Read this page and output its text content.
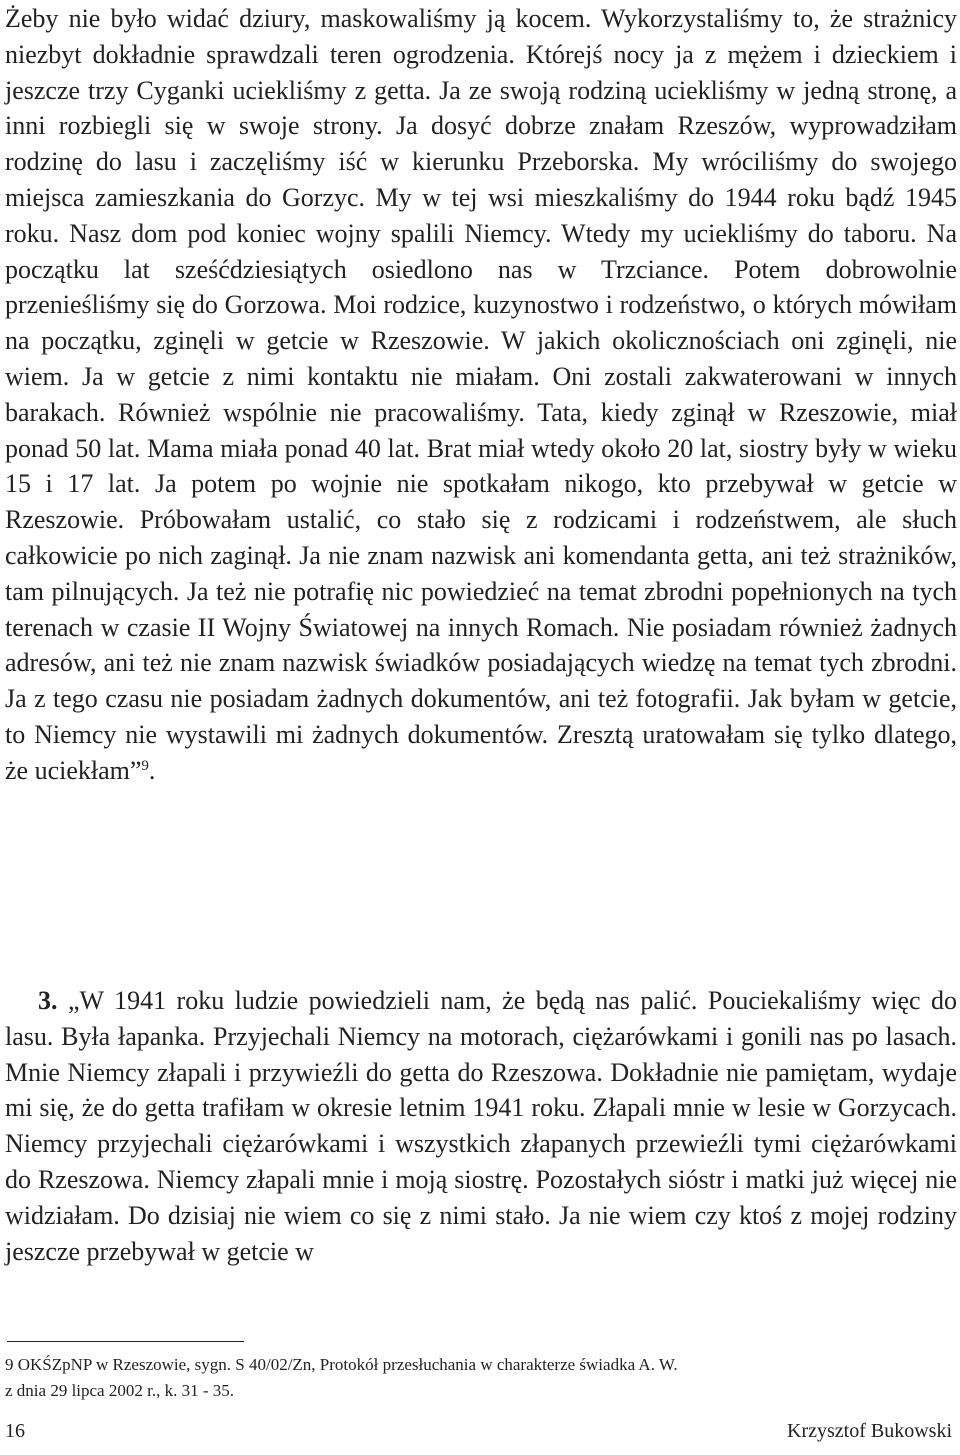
Żeby nie było widać dziury, maskowaliśmy ją kocem. Wykorzystaliśmy to, że strażnicy niezbyt dokładnie sprawdzali teren ogrodzenia. Którejś nocy ja z mężem i dzieckiem i jeszcze trzy Cyganki uciekliśmy z getta. Ja ze swoją rodziną uciekliśmy w jedną stronę, a inni rozbiegli się w swoje strony. Ja dosyć dobrze znałam Rzeszów, wyprowadziłam rodzinę do lasu i zaczęliśmy iść w kierunku Przeborska. My wróciliśmy do swojego miejsca zamieszkania do Gorzyc. My w tej wsi mieszkaliśmy do 1944 roku bądź 1945 roku. Nasz dom pod koniec wojny spalili Niemcy. Wtedy my uciekliśmy do taboru. Na początku lat sześćdziesiątych osiedlono nas w Trzciance. Potem dobrowolnie przenieśliśmy się do Gorzowa. Moi rodzice, kuzynostwo i rodzeństwo, o których mówiłam na początku, zginęli w getcie w Rzeszowie. W jakich okolicznościach oni zginęli, nie wiem. Ja w getcie z nimi kontaktu nie miałam. Oni zostali zakwaterowani w innych barakach. Również wspólnie nie pracowaliśmy. Tata, kiedy zginął w Rzeszowie, miał ponad 50 lat. Mama miała ponad 40 lat. Brat miał wtedy około 20 lat, siostry były w wieku 15 i 17 lat. Ja potem po wojnie nie spotkałam nikogo, kto przebywał w getcie w Rzeszowie. Próbowałam ustalić, co stało się z rodzicami i rodzeństwem, ale słuch całkowicie po nich zaginął. Ja nie znam nazwisk ani komendanta getta, ani też strażników, tam pilnujących. Ja też nie potrafię nic powiedzieć na temat zbrodni popełnionych na tych terenach w czasie II Wojny Światowej na innych Romach. Nie posiadam również żadnych adresów, ani też nie znam nazwisk świadków posiadających wiedzę na temat tych zbrodni. Ja z tego czasu nie posiadam żadnych dokumentów, ani też fotografii. Jak byłam w getcie, to Niemcy nie wystawili mi żadnych dokumentów. Zresztą uratowałam się tylko dlatego, że uciekłam”$^9$.

3. „W 1941 roku ludzie powiedzieli nam, że będą nas palić. Pouciekaliśmy więc do lasu. Była łapanka. Przyjechali Niemcy na motorach, ciężarówkami i gonili nas po lasach. Mnie Niemcy złapali i przywieźli do getta do Rzeszowa. Dokładnie nie pamiętam, wydaje mi się, że do getta trafiłam w okresie letnim 1941 roku. Złapali mnie w lesie w Gorzycach. Niemcy przyjechali ciężarówkami i wszystkich złapanych przewieźli tymi ciężarówkami do Rzeszowa. Niemcy złapali mnie i moją siostrę. Pozostałych sióstr i matki już więcej nie widziałam. Do dzisiaj nie wiem co się z nimi stało. Ja nie wiem czy ktoś z mojej rodziny jeszcze przebywał w getcie w

9 OKŚZpNP w Rzeszowie, sygn. S 40/02/Zn, Protokół przesłuchania w charakterze świadka A. W.
z dnia 29 lipca 2002 r., k. 31 - 35.

16	Krzysztof Bukowski
